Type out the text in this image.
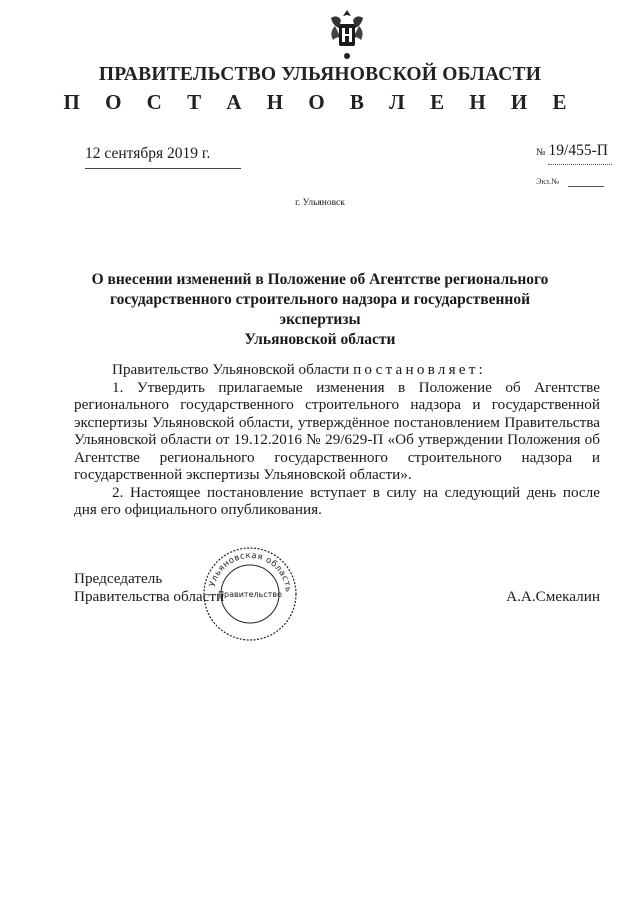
ПРАВИТЕЛЬСТВО УЛЬЯНОВСКОЙ ОБЛАСТИ
П О С Т А Н О В Л Е Н И Е
12 сентября 2019 г.	№ 19/455-П
Экз.№
г. Ульяновск
О внесении изменений в Положение об Агентстве регионального
государственного строительного надзора и государственной экспертизы
Ульяновской области

Правительство Ульяновской области постановляет:

1. Утвердить прилагаемые изменения в Положение об Агентстве регионального государственного строительного надзора и государственной экспертизы Ульяновской области, утверждённое постановлением Правительства Ульяновской области от 19.12.2016 № 29/629-П «Об утверждении Положения об Агентстве регионального государственного строительного надзора и государственной экспертизы Ульяновской области».

2. Настоящее постановление вступает в силу на следующий день после дня его официального опубликования.

Председатель
Правительства области	А.А.Смекалин
Ульяновская область
Правительство
